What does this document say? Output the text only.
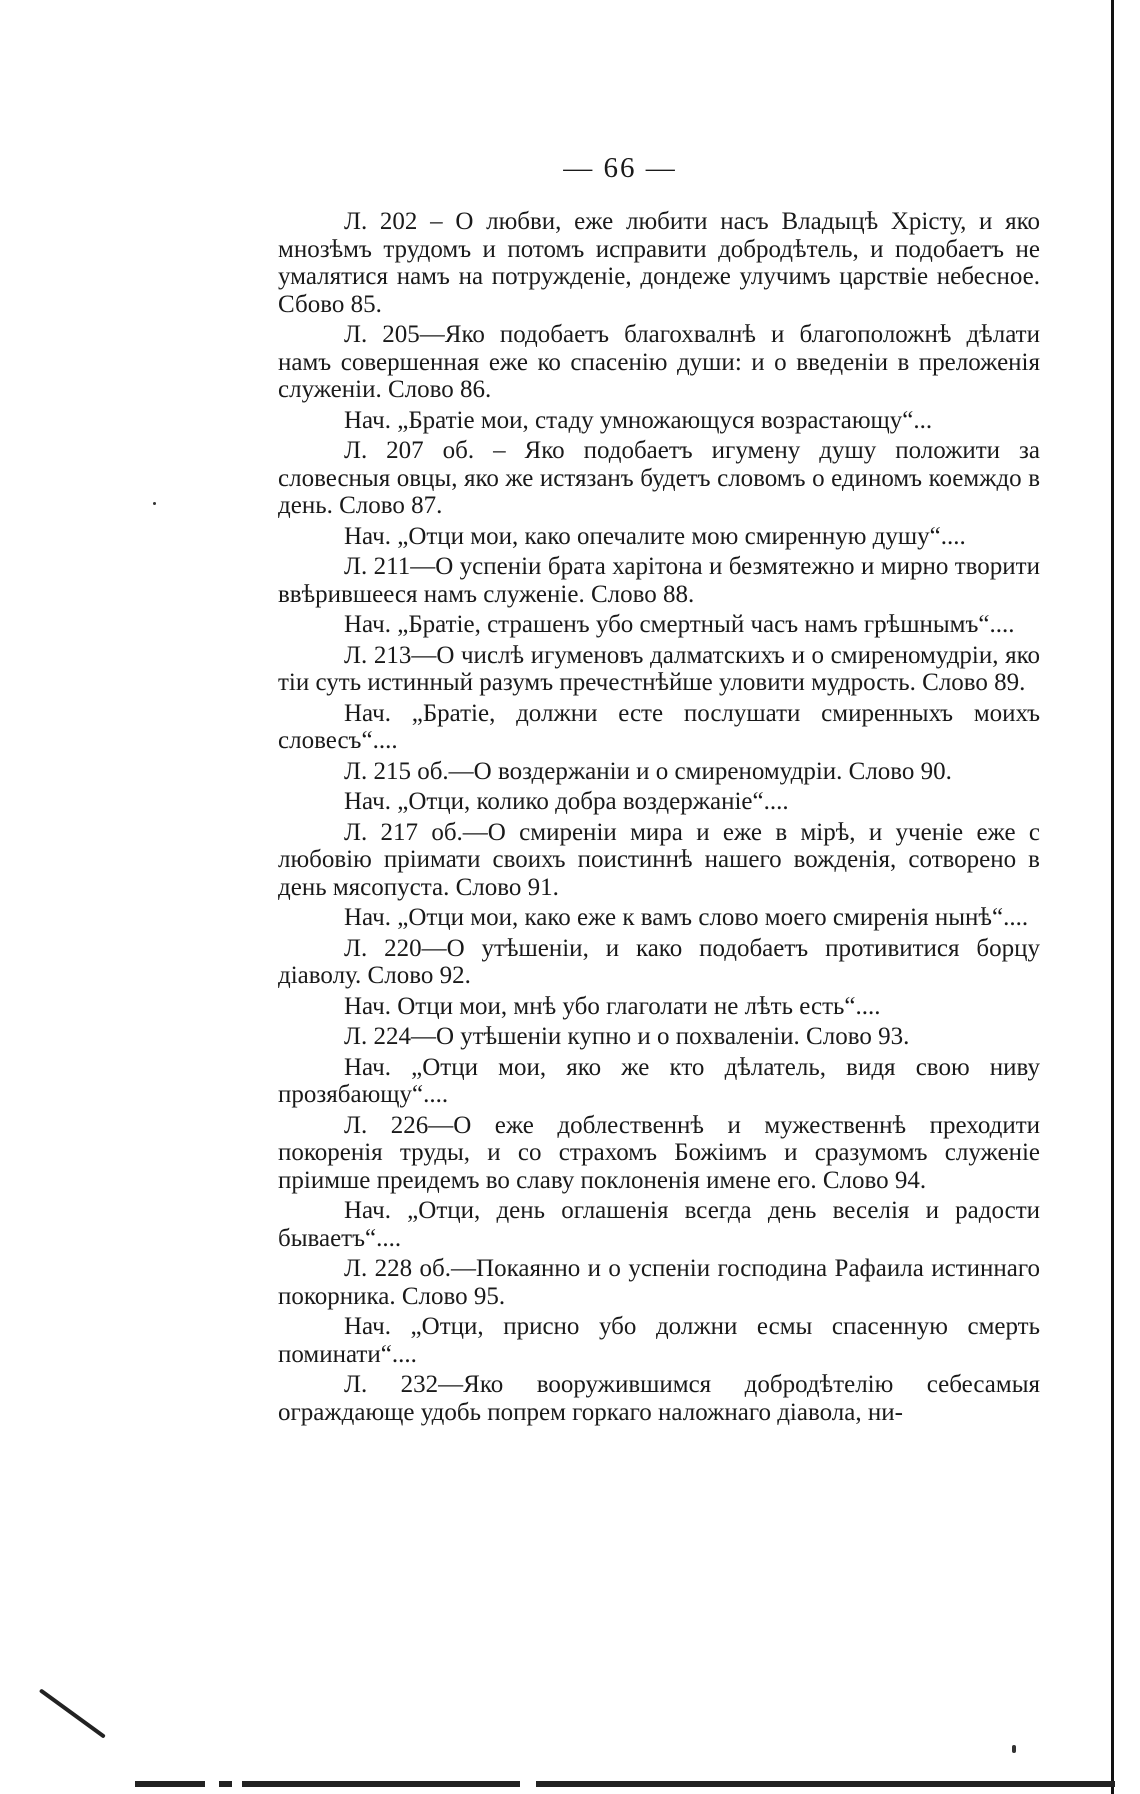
— 66 —

Л. 202 – О любви, еже любити насъ Владыцѣ Хрісту, и яко мнозѣмъ трудомъ и потомъ исправити добродѣтель, и подобаетъ не умалятися намъ на потружденіе, дондеже улучимъ царствіе небесное. Сбово 85.

Л. 205—Яко подобаетъ благохвалнѣ и благоположнѣ дѣлати намъ совершенная еже ко спасенію души: и о введеніи в преложенія служеніи. Слово 86.

Нач. „Братіе мои, стаду умножающуся возрастающу“...

Л. 207 об. – Яко подобаетъ игумену душу положити за словесныя овцы, яко же истязанъ будетъ словомъ о единомъ коемждо в день. Слово 87.

Нач. „Отци мои, како опечалите мою смиренную душу“....

Л. 211—О успеніи брата харітона и безмятежно и мирно творити ввѣрившееся намъ служеніе. Слово 88.

Нач. „Братіе, страшенъ убо смертный часъ намъ грѣшнымъ“....

Л. 213—О числѣ игуменовъ далматскихъ и о смиреномудріи, яко тіи суть истинный разумъ пречестнѣйше уловити мудрость. Слово 89.

Нач. „Братіе, должни есте послушати смиренныхъ моихъ словесъ“....

Л. 215 об.—О воздержаніи и о смиреномудріи. Слово 90.

Нач. „Отци, колико добра воздержаніе“....

Л. 217 об.—О смиреніи мира и еже в мірѣ, и ученіе еже с любовію пріимати своихъ поистиннѣ нашего вожденія, сотворено в день мясопуста. Слово 91.

Нач. „Отци мои, како еже к вамъ слово моего смиренія нынѣ“....

Л. 220—О утѣшеніи, и како подобаетъ противитися борцу діаволу. Слово 92.

Нач. Отци мои, мнѣ убо глаголати не лѣть есть“....

Л. 224—О утѣшеніи купно и о похваленіи. Слово 93.

Нач. „Отци мои, яко же кто дѣлатель, видя свою ниву прозябающу“....

Л. 226—О еже доблественнѣ и мужественнѣ преходити покоренія труды, и со страхомъ Божіимъ и сразумомъ служеніе пріимше преидемъ во славу поклоненія имене его. Слово 94.

Нач. „Отци, день оглашенія всегда день веселія и радости бываетъ“....

Л. 228 об.—Покаянно и о успеніи господина Рафаила истиннаго покорника. Слово 95.

Нач. „Отци, присно убо должни есмы спасенную смерть поминати“....

Л. 232—Яко вооружившимся добродѣтелію себесамыя ограждающе удобь попрем горкаго наложнаго діавола, ни-
